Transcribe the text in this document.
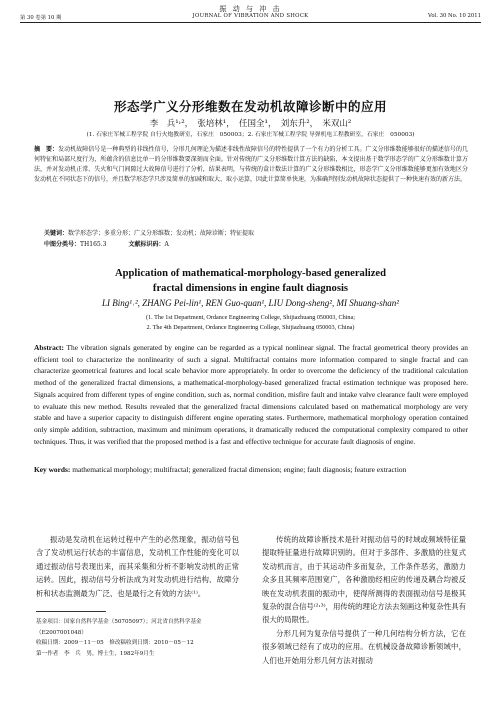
振 动 与 冲 击
第 30 卷第 10 期	JOURNAL OF VIBRATION AND SHOCK	Vol. 30 No. 10 2011
形态学广义分形维数在发动机故障诊断中的应用
李　兵¹˒²，　张培林¹，　任国全¹，　刘东升²，　米双山²
(1. 石家庄军械工程学院 自行火炮教研室，石家庄　050003；2. 石家庄军械工程学院 导弹机电工程教研室，石家庄　050003)
摘　要：发动机故障信号是一种典型的非线性信号，分形几何理论为描述非线性故障信号的特性提供了一个有力的分析工具。广义分形维数能够很好的描述信号的几何特征和局部尺度行为，所蕴含的信息比单一的分形维数要深刻而全面。针对传统的广义分形维数计算方法的缺陷，本文提出基于数学形态学的广义分形维数计算方法，并对发动机正常、失火和气门间隙过大故障信号进行了分析，结果表明，与传统的盒计数法计算的广义分形维数相比，形态学广义分形维数能够更加有效地区分发动机在不同状态下的信号，并且数学形态学只涉及简单的加减和取大、取小运算，因此计算简单快速，为准确判别发动机故障状态提供了一种快速有效的新方法。
关键词：数学形态学；多重分形；广义分形维数；发动机；故障诊断；特征提取
中图分类号：TH165.3	文献标识码：A
Application of mathematical-morphology-based generalized
fractal dimensions in engine fault diagnosis
LI Bing¹˒², ZHANG Pei-lin¹, REN Guo-quan¹, LIU Dong-sheng², MI Shuang-shan²
(1. The 1st Department, Ordance Engineering College, Shijiazhuang 050003, China;
2. The 4th Department, Ordance Engineering College, Shijiazhuang 050003, China)
Abstract: The vibration signals generated by engine can be regarded as a typical nonlinear signal. The fractal geometrical theory provides an efficient tool to characterize the nonlinearity of such a signal. Multifractal contains more information compared to single fractal and can characterize geometrical features and local scale behavior more appropriately. In order to overcome the deficiency of the traditional calculation method of the generalized fractal dimensions, a mathematical-morphology-based generalized fractal estimation technique was proposed here. Signals acquired from different types of engine condition, such as, normal condition, misfire fault and intake valve clearance fault were employed to evaluate this new method. Results revealed that the generalized fractal dimensions calculated based on mathematical morphology are very stable and have a superior capacity to distinguish different engine operating states. Furthermore, mathematical morphology operation contained only simple addition, subtraction, maximum and minimum operations, it dramatically reduced the computational complexity compared to other techniques. Thus, it was verified that the proposed method is a fast and effective technique for accurate fault diagnosis of engine.
Key words: mathematical morphology; multifractal; generalized fractal dimension; engine; fault diagnosis; feature extraction
振动是发动机在运转过程中产生的必然现象，振动信号包含了发动机运行状态的丰富信息，发动机工作性能的变化可以通过振动信号表现出来，而其采集和分析不影响发动机的正常运转。因此，振动信号分析法成为对发动机进行结构、故障分析和状态监测最为广泛、也是最行之有效的方法⁽¹⁾。

传统的故障诊断技术是针对振动信号的时域或频域特征量提取特征量进行故障识别的。但对于多部件、多激励的往复式发动机而言，由于其运动件多而复杂，工作条件恶劣，激励力众多且其频率范围宽广，各种激励经相应的传递及耦合均被反映在发动机表面的振动中，使得所测得的表面振动信号是极其复杂的混合信号⁽²˒³⁾，用传统的理论方法去刻画这种复杂性具有很大的局限性。

分形几何为复杂信号提供了一种几何结构分析方法，它在很多领域已经有了成功的应用。在机械设备故障诊断领域中，人们也开始用分形几何方法对振动

基金项目：国家自然科学基金（50705097）；河北省自然科学基金（E2007001048）
收稿日期：2009－11－05　修改稿收到日期：2010－05－12
第一作者　李　兵　男，博士生，1982年9月生
